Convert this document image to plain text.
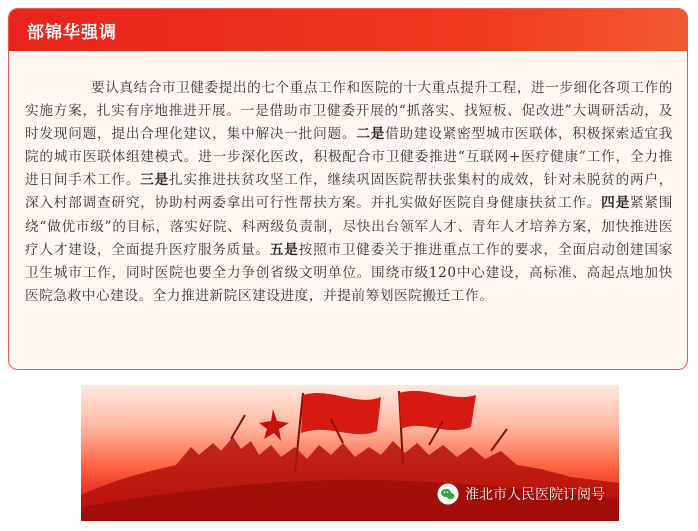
部锦华强调
要认真结合市卫健委提出的七个重点工作和医院的十大重点提升工程，进一步细化各项工作的实施方案，扎实有序地推进开展。一是借助市卫健委开展的“抓落实、找短板、促改进”大调研活动，及时发现问题，提出合理化建议，集中解决一批问题。二是借助建设紧密型城市医联体，积极探索适宜我院的城市医联体组建模式。进一步深化医改，积极配合市卫健委推进“互联网+医疗健康”工作，全力推进日间手术工作。三是扎实推进扶贫攻坚工作，继续巩固医院帮扶张集村的成效，针对未脱贫的两户，深入村部调查研究，协助村两委拿出可行性帮扶方案。并扎实做好医院自身健康扶贫工作。四是紧紧围绕“做优市级”的目标，落实好院、科两级负责制，尽快出台领军人才、青年人才培养方案，加快推进医疗人才建设，全面提升医疗服务质量。五是按照市卫健委关于推进重点工作的要求，全面启动创建国家卫生城市工作，同时医院也要全力争创省级文明单位。围绕市级120中心建设，高标准、高起点地加快医院急救中心建设。全力推进新院区建设进度，并提前筹划医院搬迁工作。
淮北市人民医院订阅号
